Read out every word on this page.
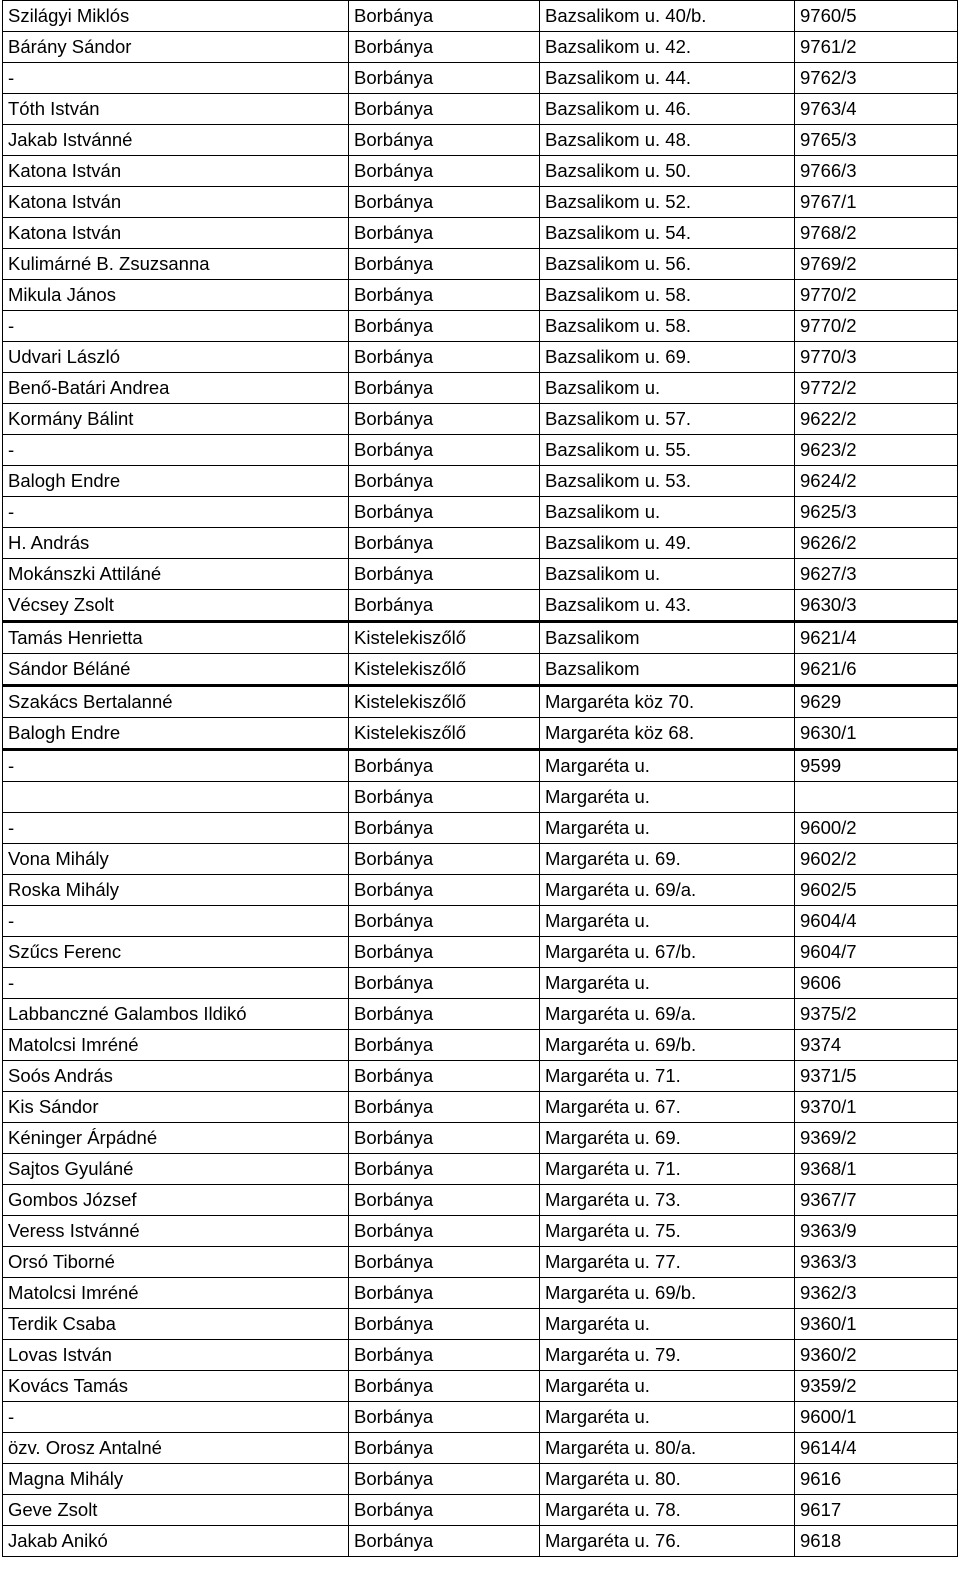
Szilágyi Miklós	Borbánya	Bazsalikom u. 40/b.	9760/5
Bárány Sándor	Borbánya	Bazsalikom u. 42.	9761/2
-	Borbánya	Bazsalikom u. 44.	9762/3
Tóth István	Borbánya	Bazsalikom u. 46.	9763/4
Jakab Istvánné	Borbánya	Bazsalikom u. 48.	9765/3
Katona István	Borbánya	Bazsalikom u. 50.	9766/3
Katona István	Borbánya	Bazsalikom u. 52.	9767/1
Katona István	Borbánya	Bazsalikom u. 54.	9768/2
Kulimárné B. Zsuzsanna	Borbánya	Bazsalikom u. 56.	9769/2
Mikula János	Borbánya	Bazsalikom u. 58.	9770/2
-	Borbánya	Bazsalikom u. 58.	9770/2
Udvari László	Borbánya	Bazsalikom u. 69.	9770/3
Benő-Batári Andrea	Borbánya	Bazsalikom u.	9772/2
Kormány Bálint	Borbánya	Bazsalikom u. 57.	9622/2
-	Borbánya	Bazsalikom u. 55.	9623/2
Balogh Endre	Borbánya	Bazsalikom u. 53.	9624/2
-	Borbánya	Bazsalikom u.	9625/3
H. András	Borbánya	Bazsalikom u. 49.	9626/2
Mokánszki Attiláné	Borbánya	Bazsalikom u.	9627/3
Vécsey Zsolt	Borbánya	Bazsalikom u. 43.	9630/3
Tamás Henrietta	Kistelekiszőlő	Bazsalikom	9621/4
Sándor Béláné	Kistelekiszőlő	Bazsalikom	9621/6
Szakács Bertalanné	Kistelekiszőlő	Margaréta köz 70.	9629
Balogh Endre	Kistelekiszőlő	Margaréta köz 68.	9630/1
-	Borbánya	Margaréta u.	9599
	Borbánya	Margaréta u.	
-	Borbánya	Margaréta u.	9600/2
Vona Mihály	Borbánya	Margaréta u. 69.	9602/2
Roska Mihály	Borbánya	Margaréta u. 69/a.	9602/5
-	Borbánya	Margaréta u.	9604/4
Szűcs Ferenc	Borbánya	Margaréta u. 67/b.	9604/7
-	Borbánya	Margaréta u.	9606
Labbanczné Galambos Ildikó	Borbánya	Margaréta u. 69/a.	9375/2
Matolcsi Imréné	Borbánya	Margaréta u. 69/b.	9374
Soós András	Borbánya	Margaréta u. 71.	9371/5
Kis Sándor	Borbánya	Margaréta u. 67.	9370/1
Kéninger Árpádné	Borbánya	Margaréta u. 69.	9369/2
Sajtos Gyuláné	Borbánya	Margaréta u. 71.	9368/1
Gombos József	Borbánya	Margaréta u. 73.	9367/7
Veress Istvánné	Borbánya	Margaréta u. 75.	9363/9
Orsó Tiborné	Borbánya	Margaréta u. 77.	9363/3
Matolcsi Imréné	Borbánya	Margaréta u. 69/b.	9362/3
Terdik Csaba	Borbánya	Margaréta u.	9360/1
Lovas István	Borbánya	Margaréta u. 79.	9360/2
Kovács Tamás	Borbánya	Margaréta u.	9359/2
-	Borbánya	Margaréta u.	9600/1
özv. Orosz Antalné	Borbánya	Margaréta u. 80/a.	9614/4
Magna Mihály	Borbánya	Margaréta u. 80.	9616
Geve Zsolt	Borbánya	Margaréta u. 78.	9617
Jakab Anikó	Borbánya	Margaréta u. 76.	9618
